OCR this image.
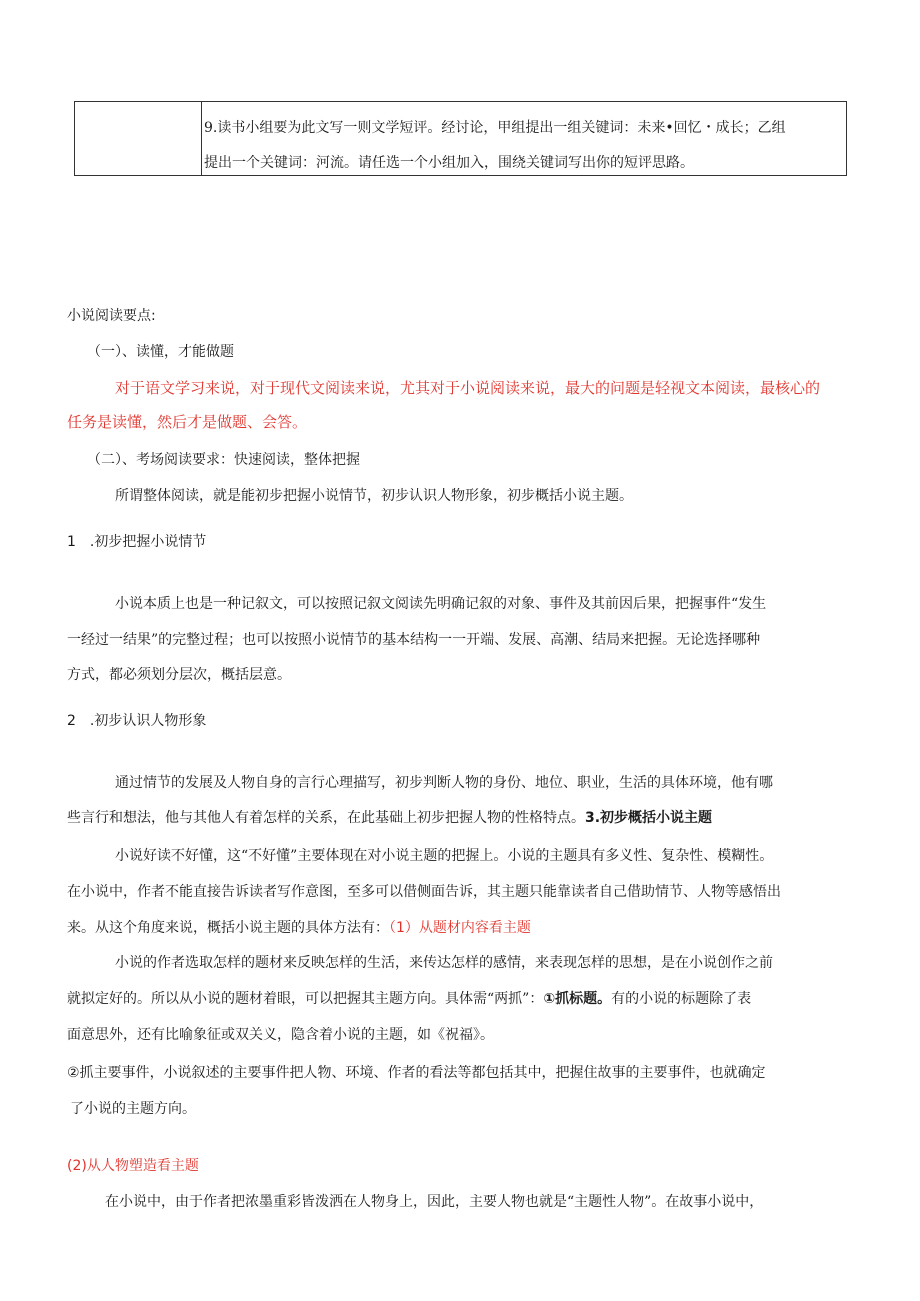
9.读书小组要为此文写一则文学短评。经讨论，甲组提出一组关键词：未来•回忆・成长；乙组
提出一个关键词：河流。请任选一个小组加入，围绕关键词写出你的短评思路。
小说阅读要点:
（一）、读懂，才能做题
对于语文学习来说，对于现代文阅读来说，尤其对于小说阅读来说，最大的问题是轻视文本阅读，最核心的
任务是读懂，然后才是做题、会答。
（二）、考场阅读要求：快速阅读，整体把握
所谓整体阅读，就是能初步把握小说情节，初步认识人物形象，初步概括小说主题。
1 .初步把握小说情节
小说本质上也是一种记叙文，可以按照记叙文阅读先明确记叙的对象、事件及其前因后果，把握事件“发生
一经过一结果”的完整过程；也可以按照小说情节的基本结构一一开端、发展、高潮、结局来把握。无论选择哪种
方式，都必须划分层次，概括层意。
2 .初步认识人物形象
通过情节的发展及人物自身的言行心理描写，初步判断人物的身份、地位、职业，生活的具体环境，他有哪
些言行和想法，他与其他人有着怎样的关系，在此基础上初步把握人物的性格特点。3.初步概括小说主题
小说好读不好懂，这“不好懂”主要体现在对小说主题的把握上。小说的主题具有多义性、复杂性、模糊性。
在小说中，作者不能直接告诉读者写作意图，至多可以借侧面告诉，其主题只能靠读者自己借助情节、人物等感悟出
来。从这个角度来说，概括小说主题的具体方法有：（1）从题材内容看主题
小说的作者选取怎样的题材来反映怎样的生活，来传达怎样的感情，来表现怎样的思想，是在小说创作之前
就拟定好的。所以从小说的题材着眼，可以把握其主题方向。具体需“两抓”：①抓标题。有的小说的标题除了表
面意思外，还有比喻象征或双关义，隐含着小说的主题，如《祝福》。
②抓主要事件，小说叙述的主要事件把人物、环境、作者的看法等都包括其中，把握住故事的主要事件，也就确定
了小说的主题方向。
(2)从人物塑造看主题
在小说中，由于作者把浓墨重彩皆泼洒在人物身上，因此，主要人物也就是“主题性人物”。在故事小说中，
